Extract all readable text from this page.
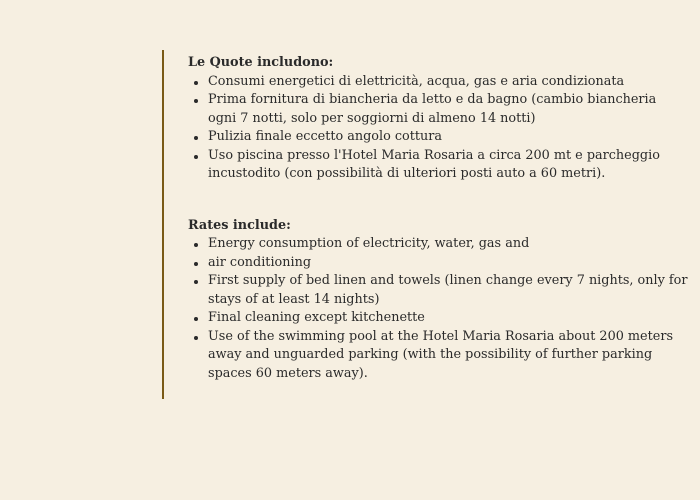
Le Quote includono:

Consumi energetici di elettricità, acqua, gas e aria condizionata
Prima fornitura di biancheria da letto e da bagno (cambio biancheria ogni 7 notti, solo per soggiorni di almeno 14 notti)
Pulizia finale eccetto angolo cottura
Uso piscina presso l'Hotel Maria Rosaria a circa 200 mt e parcheggio incustodito (con possibilità di ulteriori posti auto a 60 metri).

Rates include:

Energy consumption of electricity, water, gas and
air conditioning
First supply of bed linen and towels (linen change every 7 nights, only for stays of at least 14 nights)
Final cleaning except kitchenette
Use of the swimming pool at the Hotel Maria Rosaria about 200 meters away and unguarded parking (with the possibility of further parking spaces 60 meters away).
